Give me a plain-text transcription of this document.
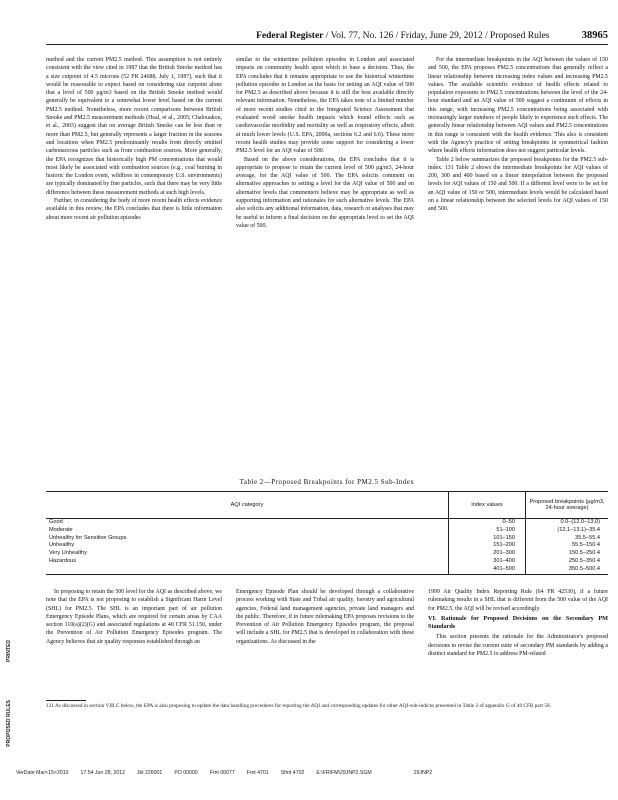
Federal Register / Vol. 77, No. 126 / Friday, June 29, 2012 / Proposed Rules	38965

method and the current PM2.5 method. This assumption is not entirely consistent with the view cited in 1987 that the British Smoke method has a size cutpoint of 4.5 microns (52 FR 24688, July 1, 1987), such that it would be reasonable to expect based on considering size cutpoint alone that a level of 500 µg/m3 based on the British Smoke method would generally be equivalent to a somewhat lower level based on the current PM2.5 method. Nonetheless, more recent comparisons between British Smoke and PM2.5 measurement methods (Heal, et al., 2005; Chalouakou, et al., 2003) suggest that on average British Smoke can be less than or more than PM2.5, but generally represents a larger fraction in the seasons and locations when PM2.5 predominantly results from directly emitted carbonaceous particles such as from combustion sources. More generally, the EPA recognizes that historically high PM concentrations that would most likely be associated with combustion sources (e.g., coal burning in historic the London event, wildfires in contemporary U.S. environments) are typically dominated by fine particles, such that there may be very little difference between these measurement methods at such high levels.

Further, in considering the body of more recent health effects evidence available in this review, the EPA concludes that there is little information about more recent air pollution episodes

similar to the wintertime pollution episodes in London and associated impacts on community health upon which to base a decision. Thus, the EPA concludes that it remains appropriate to use the historical wintertime pollution episodes in London as the basis for setting an AQI value of 500 for PM2.5 as described above because it is still the best available directly relevant information. Nonetheless, the EPA takes note of a limited number of more recent studies cited in the Integrated Science Assessment that evaluated wood smoke health impacts which found effects such as cardiovascular morbidity and mortality as well as respiratory effects, albeit at much lower levels (U.S. EPA, 2009a, sections 6.2 and 6.6). These more recent health studies may provide some support for considering a lower PM2.5 level for an AQI value of 500.

Based on the above considerations, the EPA concludes that it is appropriate to propose to retain the current level of 500 µg/m3, 24-hour average, for the AQI value of 500. The EPA solicits comment on alternative approaches to setting a level for the AQI value of 500 and on alternative levels that commenters believe may be appropriate as well as supporting information and rationales for such alternative levels. The EPA also solicits any additional information, data, research or analyses that may be useful to inform a final decision on the appropriate level to set the AQI value of 500.

For the intermediate breakpoints in the AQI between the values of 150 and 500, the EPA proposes PM2.5 concentrations that generally reflect a linear relationship between increasing index values and increasing PM2.5 values. The available scientific evidence of health effects related to population exposures to PM2.5 concentrations between the level of the 24-hour standard and an AQI value of 500 suggest a continuum of effects in this range, with increasing PM2.5 concentrations being associated with increasingly larger numbers of people likely to experience such effects. The generally linear relationship between AQI values and PM2.5 concentrations in this range is consistent with the health evidence. This also is consistent with the Agency's practice of setting breakpoints in symmetrical fashion where health effects information does not suggest particular levels.

Table 2 below summarizes the proposed breakpoints for the PM2.5 sub-index. 131 Table 2 shows the intermediate breakpoints for AQI values of 200, 300 and 400 based on a linear interpolation between the proposed levels for AQI values of 150 and 500. If a different level were to be set for an AQI value of 150 or 500, intermediate levels would be calculated based on a linear relationship between the selected levels for AQI values of 150 and 500.

Table 2—Proposed Breakpoints for PM2.5 Sub-Index
AQI category	Index values	Proposed breakpoints (µg/m3, 24-hour average)
Good	0–50	0.0–(12.0–13.0)
Moderate	51–100	(12.1–13.1)–35.4
Unhealthy for Sensitive Groups	101–150	35.5–55.4
Unhealthy	151–200	55.5–150.4
Very Unhealthy	201–300	150.5–250.4
Hazardous	301–400	250.5–350.4
	401–500	350.5–500.4

In proposing to retain the 500 level for the AQI as described above, we note that the EPA is not proposing to establish a Significant Harm Level (SHL) for PM2.5. The SHL is an important part of air pollution Emergency Episode Plans, which are required for certain areas by CAA section 110(a)(2)(G) and associated regulations at 40 CFR 51.150, under the Prevention of Air Pollution Emergency Episodes program. The Agency believes that air quality responses established through an

Emergency Episode Plan should be developed through a collaborative process working with State and Tribal air quality, forestry and agricultural agencies, Federal land management agencies, private land managers and the public. Therefore, if in future rulemaking EPA proposes revisions to the Prevention of Air Pollution Emergency Episodes program, the proposal will include a SHL for PM2.5 that is developed in collaboration with these organizations. As discussed in the

1999 Air Quality Index Reporting Rule (64 FR 42530), if a future rulemaking results in a SHL that is different from the 500 value of the AQI for PM2.5, the AQI will be revised accordingly.

VI. Rationale for Proposed Decisions on the Secondary PM Standards

This section presents the rationale for the Administrator's proposed decisions to revise the current suite of secondary PM standards by adding a distinct standard for PM2.5 to address PM-related

131 As discussed in section VIII.C below, the EPA is also proposing to update the data handling procedures for reporting the AQI and corresponding updates for other AQI-sub-indices presented in Table 2 of appendix G of 40 CFR part 58.
PRINTED
PROPOSED RULES
VerDate Mar<15>2010 17:54 Jun 28, 2012 Jkt 226001 PO 00000 Frm 00077 Fmt 4701 Sfmt 4702 E:\FR\FM\29JNP2.SGM	29JNP2
